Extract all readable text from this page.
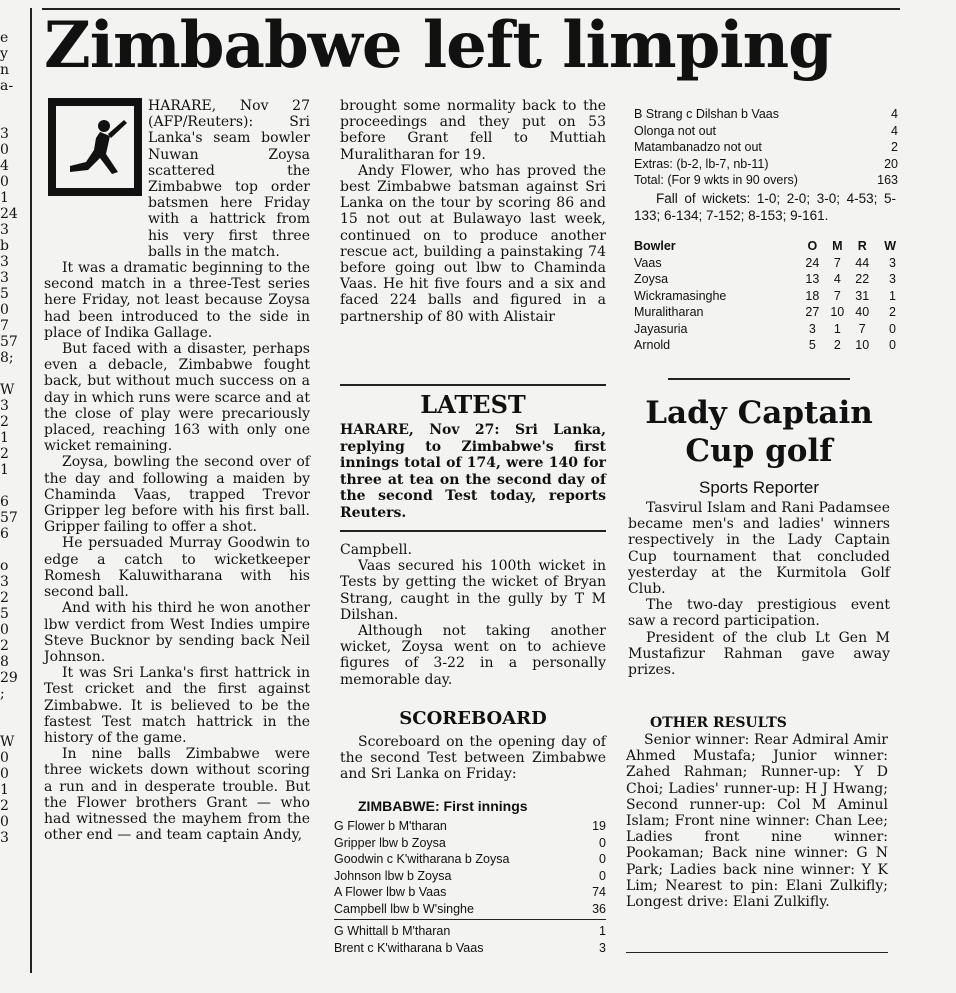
e
y
n
a-
3
0
4
0
1
24
3
b
3
3
5
0
7
57
8;
W
3
2
1
2
1
6
57
6
o
3
2
5
0
2
8
29
;
W
0
0
1
2
0
3
Zimbabwe left limping

HARARE, Nov 27 (AFP/Reuters): Sri Lanka's seam bowler Nuwan Zoysa scattered the Zimbabwe top order batsmen here Friday with a hattrick from his very first three balls in the match.

It was a dramatic beginning to the second match in a three-Test series here Friday, not least because Zoysa had been introduced to the side in place of Indika Gallage.

But faced with a disaster, perhaps even a debacle, Zimbabwe fought back, but without much success on a day in which runs were scarce and at the close of play were precariously placed, reaching 163 with only one wicket remaining.

Zoysa, bowling the second over of the day and following a maiden by Chaminda Vaas, trapped Trevor Gripper leg before with his first ball. Gripper failing to offer a shot.

He persuaded Murray Goodwin to edge a catch to wicketkeeper Romesh Kaluwitharana with his second ball.

And with his third he won another lbw verdict from West Indies umpire Steve Bucknor by sending back Neil Johnson.

It was Sri Lanka's first hattrick in Test cricket and the first against Zimbabwe. It is believed to be the fastest Test match hattrick in the history of the game.

In nine balls Zimbabwe were three wickets down without scoring a run and in desperate trouble. But the Flower brothers Grant — who had witnessed the mayhem from the other end — and team captain Andy,

brought some normality back to the proceedings and they put on 53 before Grant fell to Muttiah Muralitharan for 19.

Andy Flower, who has proved the best Zimbabwe batsman against Sri Lanka on the tour by scoring 86 and 15 not out at Bulawayo last week, continued on to produce another rescue act, building a painstaking 74 before going out lbw to Chaminda Vaas. He hit five fours and a six and faced 224 balls and figured in a partnership of 80 with Alistair

LATEST
HARARE, Nov 27: Sri Lanka, replying to Zimbabwe's first innings total of 174, were 140 for three at tea on the second day of the second Test today, reports Reuters.

Campbell.

Vaas secured his 100th wicket in Tests by getting the wicket of Bryan Strang, caught in the gully by T M Dilshan.

Although not taking another wicket, Zoysa went on to achieve figures of 3-22 in a personally memorable day.

SCOREBOARD

Scoreboard on the opening day of the second Test between Zimbabwe and Sri Lanka on Friday:

ZIMBABWE: First innings
G Flower b M'tharan	19
Gripper lbw b Zoysa	0
Goodwin c K'witharana b Zoysa	0
Johnson lbw b Zoysa	0
A Flower lbw b Vaas	74
Campbell lbw b W'singhe	36
G Whittall b M'tharan	1
Brent c K'witharana b Vaas	3
B Strang c Dilshan b Vaas	4
Olonga not out	4
Matambanadzo not out	2
Extras: (b-2, lb-7, nb-11)	20
Total: (For 9 wkts in 90 overs)	163
Fall of wickets: 1-0; 2-0; 3-0; 4-53; 5-133; 6-134; 7-152; 8-153; 9-161.
Bowler	O	M	R	W
Vaas	24	7	44	3
Zoysa	13	4	22	3
Wickramasinghe	18	7	31	1
Muralitharan	27	10	40	2
Jayasuria	3	1	7	0
Arnold	5	2	10	0
Lady Captain
Cup golf
Sports Reporter

Tasvirul Islam and Rani Padamsee became men's and ladies' winners respectively in the Lady Captain Cup tournament that concluded yesterday at the Kurmitola Golf Club.

The two-day prestigious event saw a record participation.

President of the club Lt Gen M Mustafizur Rahman gave away prizes.

OTHER RESULTS

Senior winner: Rear Admiral Amir Ahmed Mustafa; Junior winner: Zahed Rahman; Runner-up: Y D Choi; Ladies' runner-up: H J Hwang; Second runner-up: Col M Aminul Islam; Front nine winner: Chan Lee; Ladies front nine winner: Pookaman; Back nine winner: G N Park; Ladies back nine winner: Y K Lim; Nearest to pin: Elani Zulkifly; Longest drive: Elani Zulkifly.
